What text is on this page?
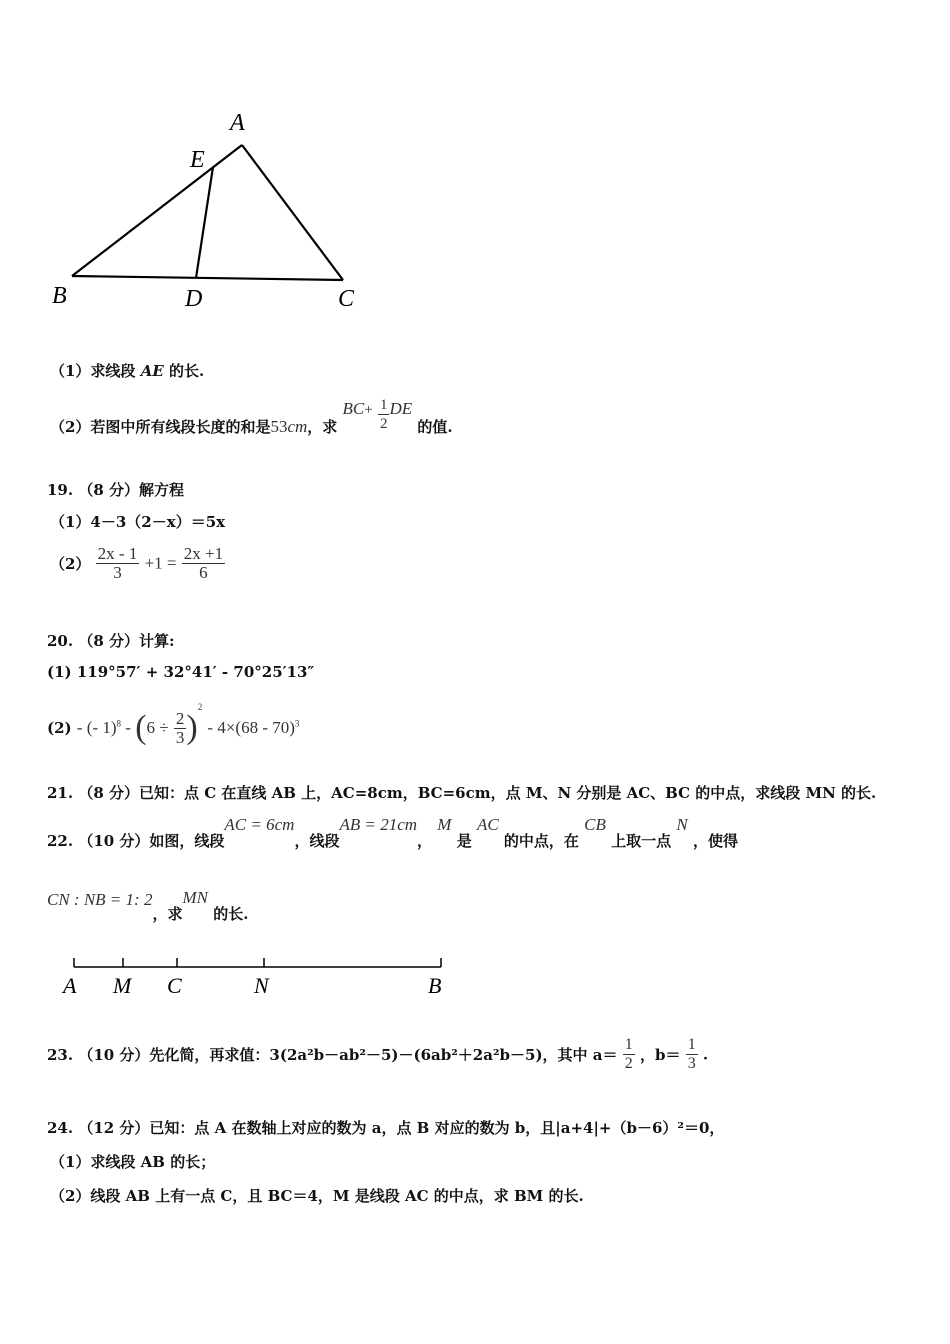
A
E
B	D	C
（1）求线段 AE 的长.
（2）若图中所有线段长度的和是53cm，求 $BC+ \frac{1}{2}$ DE 的值.
19. （8 分）解方程
（1）4－3（2－x）＝5x
$(2) \frac{2x - 1}{3} +1 = \frac{2x +1}{6}$
20. （8 分）计算:
(1) 119°57′ + 32°41′ - 70°25′13″
(2) - (- $1)^8 - (6 \div \frac{2}{3} )^2 - 4\times(68 - 70)^3$
21. （8 分）已知：点 C 在直线 AB 上，AC=8cm，BC=6cm，点 M、N 分别是 AC、BC 的中点，求线段 MN 的长.
22. （10 分）如图，线段AC = 6cm，线段AB = 21cm， M 是 AC 的中点，在 CB 上取一点 N ，使得
CN : NB = 1: 2，求MN 的长.
A M C	N	B
23. （10 分）先化简，再求值：3(2a²b－ab²－5)－(6ab²＋2a²b－5)，其中 $a= \frac{1}{2}$ ，$b= \frac{1}{3}$ .
24. （12 分）已知：点 A 在数轴上对应的数为 a，点 B 对应的数为 b，且|a+4|+（b－6）²＝0，
（1）求线段 AB 的长；
（2）线段 AB 上有一点 C，且 BC＝4，M 是线段 AC 的中点，求 BM 的长.
